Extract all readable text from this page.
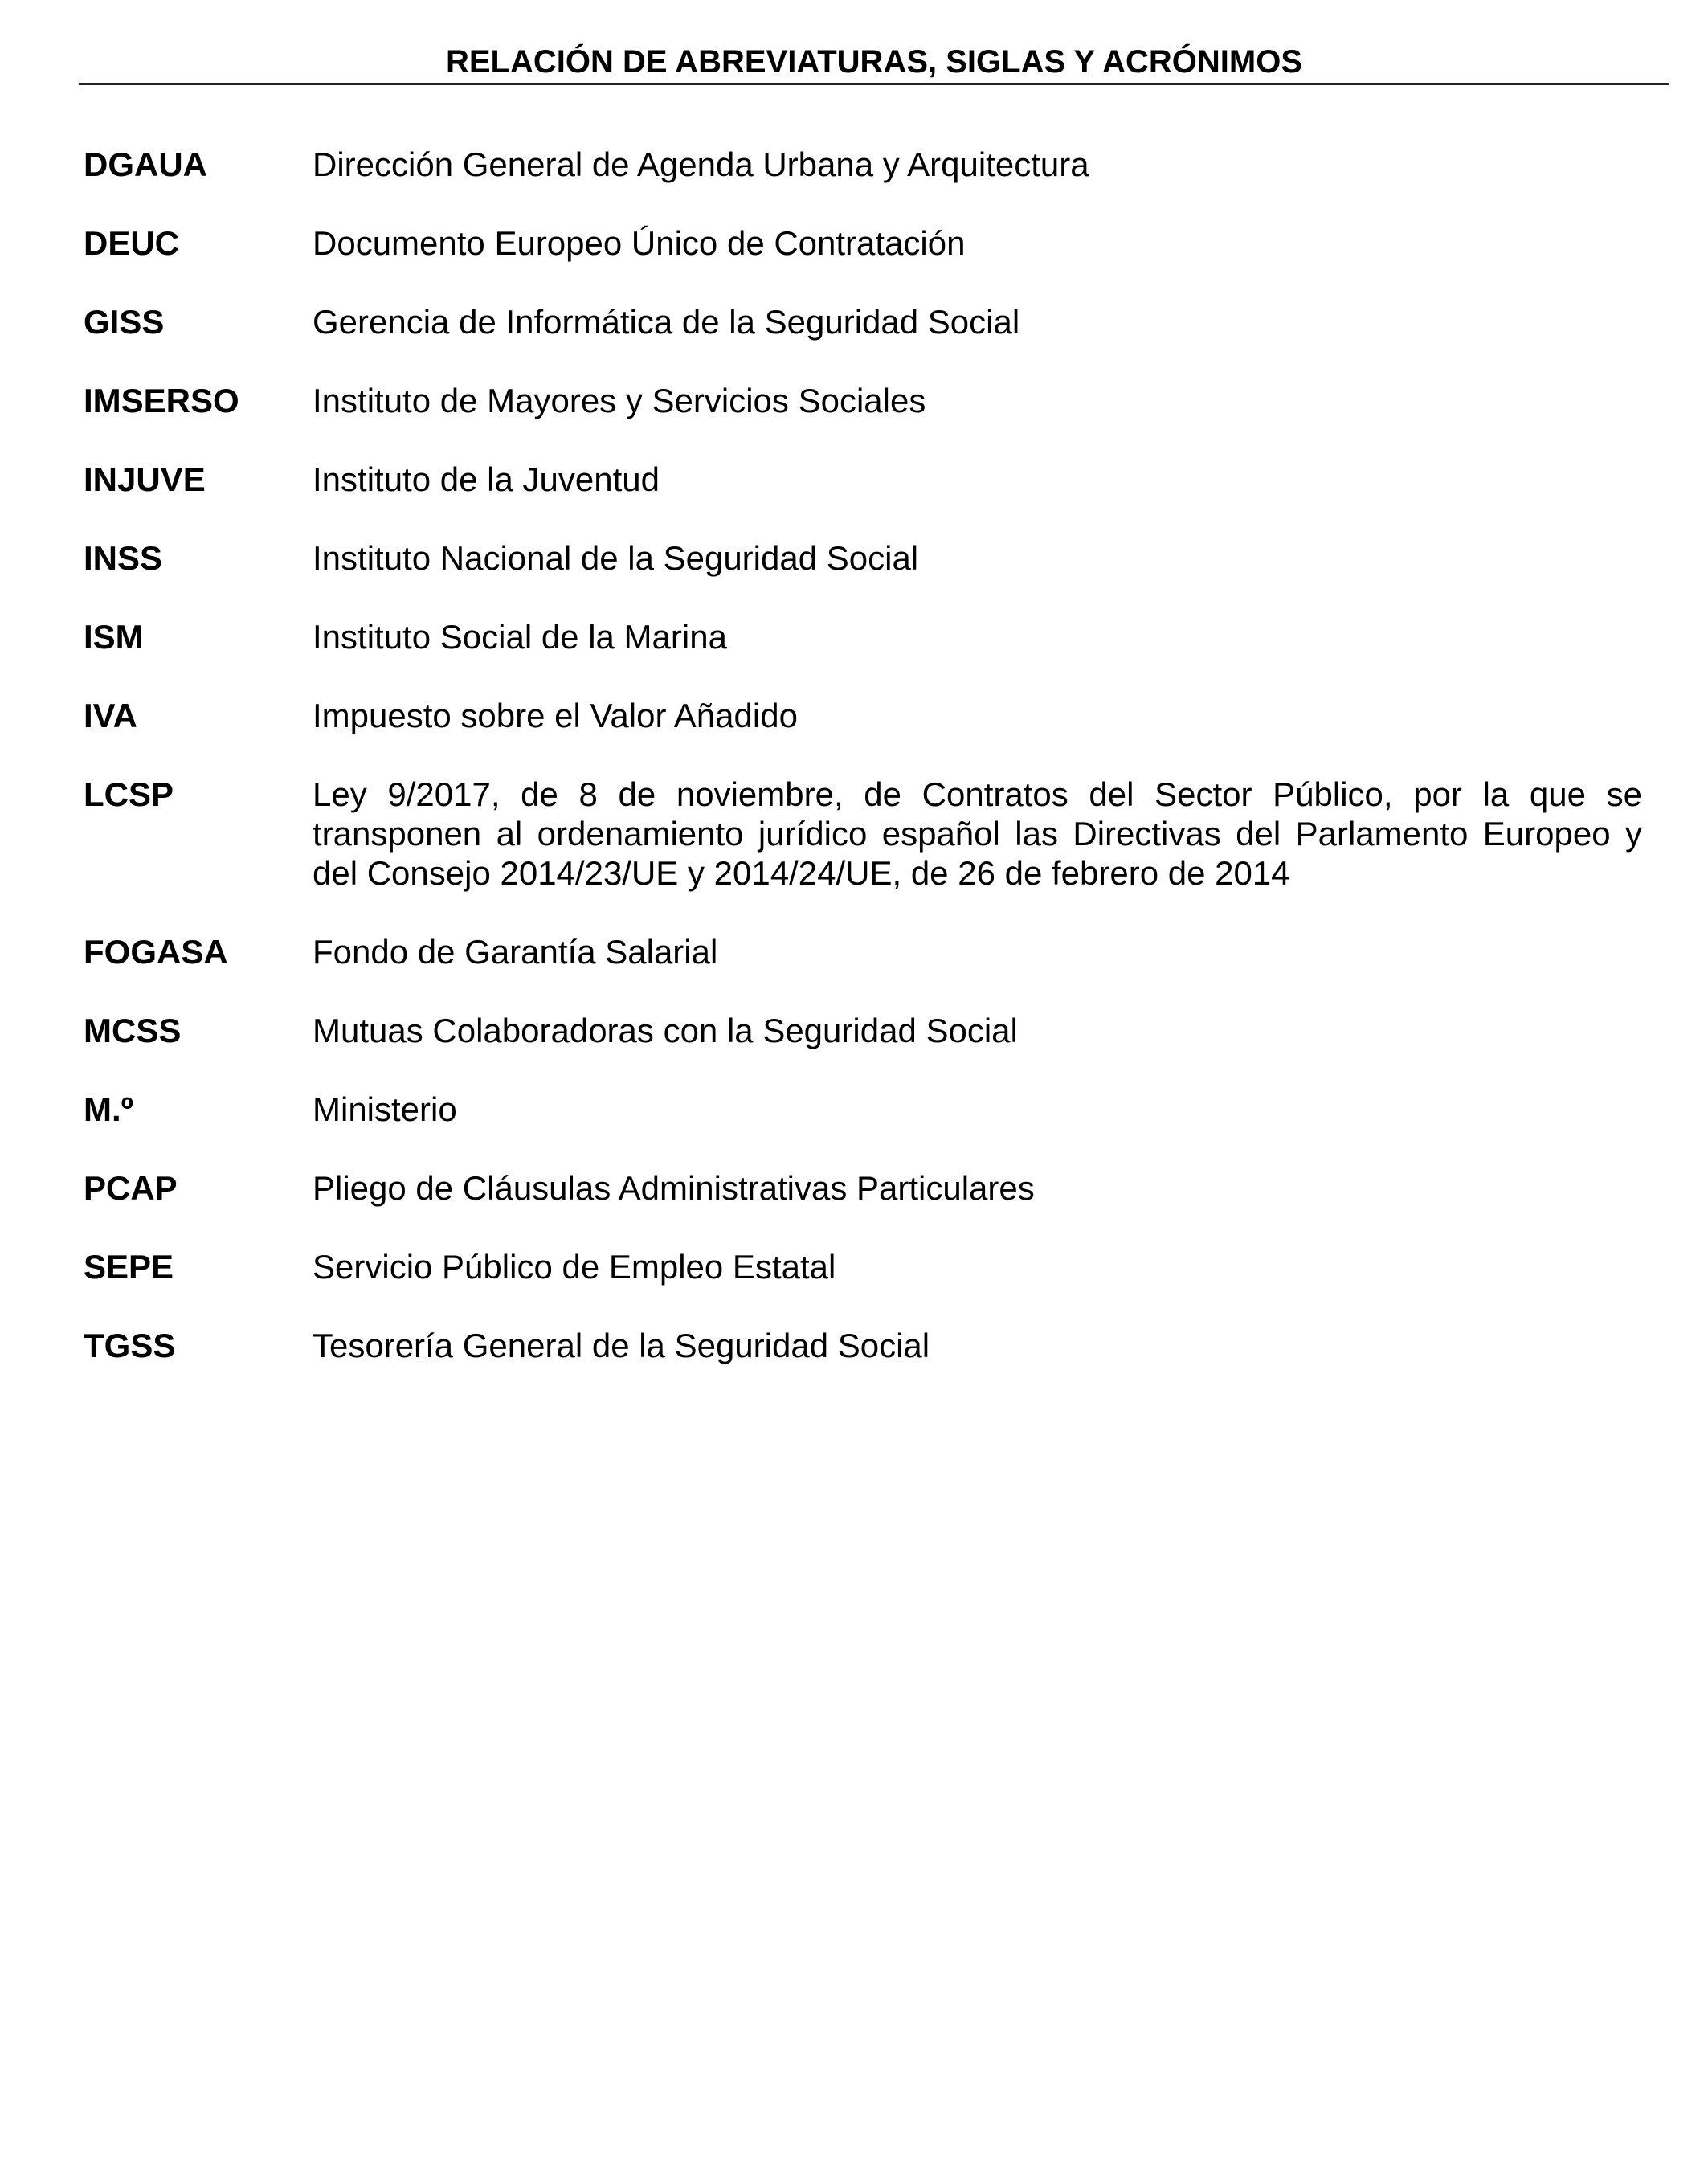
RELACIÓN DE ABREVIATURAS, SIGLAS Y ACRÓNIMOS
DGAUA	Dirección General de Agenda Urbana y Arquitectura
DEUC	Documento Europeo Único de Contratación
GISS	Gerencia de Informática de la Seguridad Social
IMSERSO	Instituto de Mayores y Servicios Sociales
INJUVE	Instituto de la Juventud
INSS	Instituto Nacional de la Seguridad Social
ISM	Instituto Social de la Marina
IVA	Impuesto sobre el Valor Añadido
LCSP	Ley 9/2017, de 8 de noviembre, de Contratos del Sector Público, por la que se transponen al ordenamiento jurídico español las Directivas del Parlamento Europeo y del Consejo 2014/23/UE y 2014/24/UE, de 26 de febrero de 2014
FOGASA	Fondo de Garantía Salarial
MCSS	Mutuas Colaboradoras con la Seguridad Social
M.º	Ministerio
PCAP	Pliego de Cláusulas Administrativas Particulares
SEPE	Servicio Público de Empleo Estatal
TGSS	Tesorería General de la Seguridad Social
